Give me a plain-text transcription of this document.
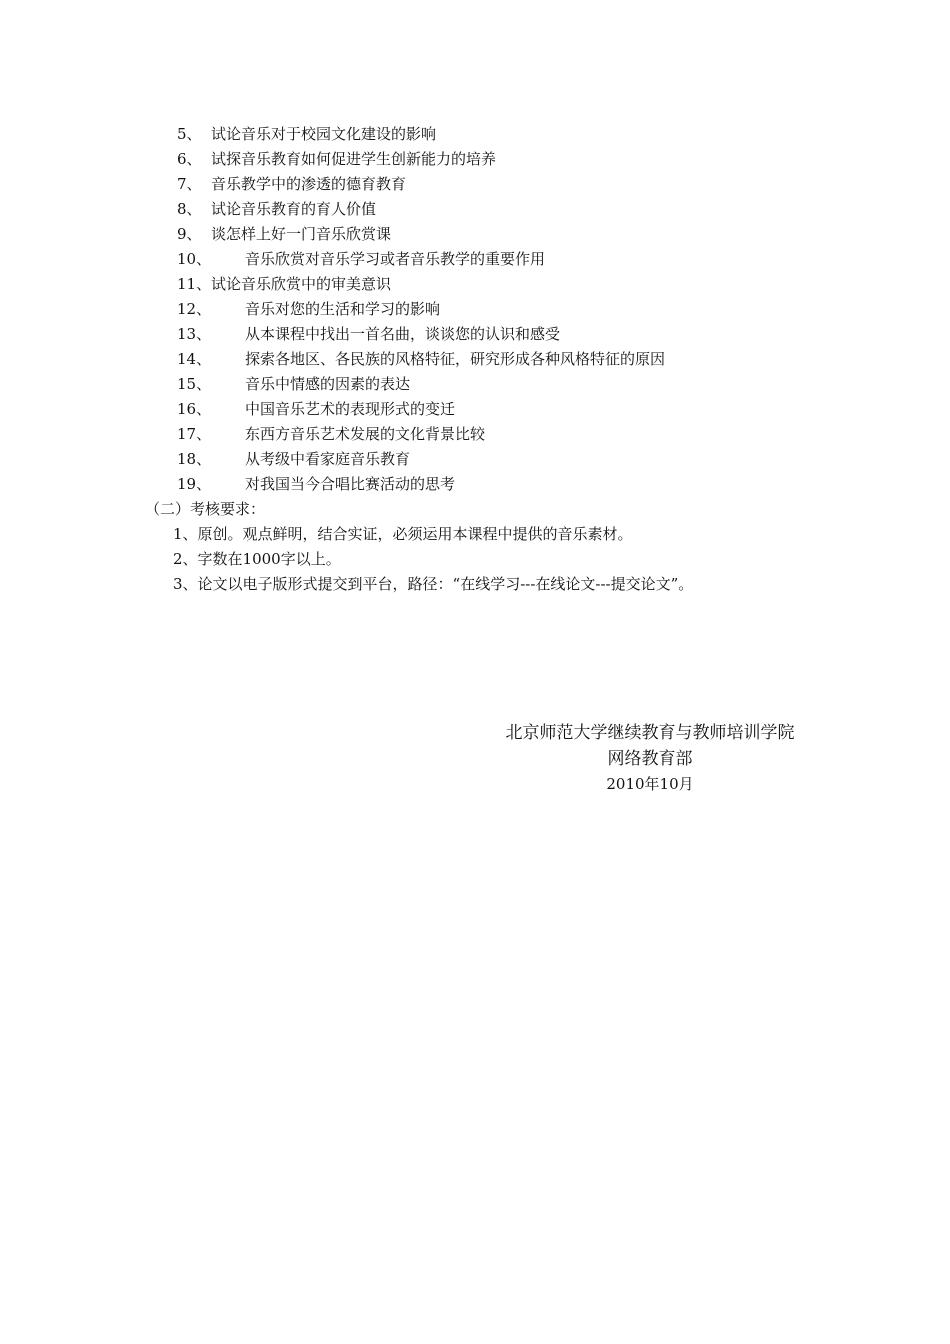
5、 试论音乐对于校园文化建设的影响
6、 试探音乐教育如何促进学生创新能力的培养
7、 音乐教学中的渗透的德育教育
8、 试论音乐教育的育人价值
9、 谈怎样上好一门音乐欣赏课
10、 音乐欣赏对音乐学习或者音乐教学的重要作用
11、 试论音乐欣赏中的审美意识
12、 音乐对您的生活和学习的影响
13、 从本课程中找出一首名曲，谈谈您的认识和感受
14、 探索各地区、各民族的风格特征，研究形成各种风格特征的原因
15、 音乐中情感的因素的表达
16、 中国音乐艺术的表现形式的变迁
17、 东西方音乐艺术发展的文化背景比较
18、 从考级中看家庭音乐教育
19、 对我国当今合唱比赛活动的思考
（二）考核要求：
1、原创。观点鲜明，结合实证，必须运用本课程中提供的音乐素材。
2、字数在1000字以上。
3、论文以电子版形式提交到平台，路径：“在线学习---在线论文---提交论文”。
北京师范大学继续教育与教师培训学院
网络教育部
2010年10月
